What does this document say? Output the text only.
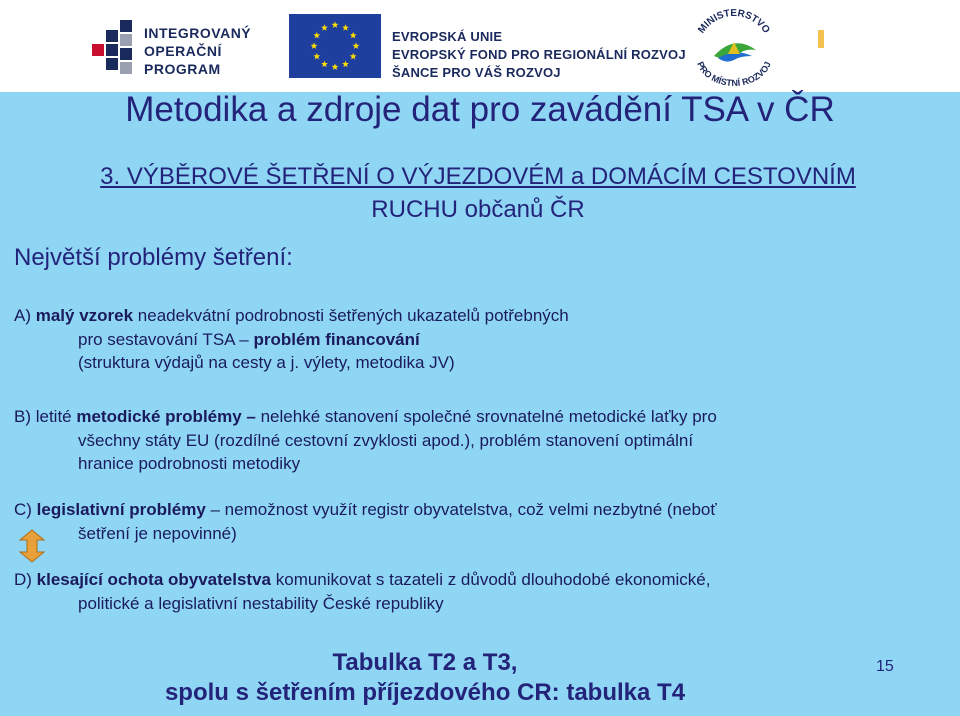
INTEGROVANÝ
OPERAČNÍ
PROGRAM
EVROPSKÁ UNIE
EVROPSKÝ FOND PRO REGIONÁLNÍ ROZVOJ
ŠANCE PRO VÁŠ ROZVOJ
MINISTERSTVO
PRO MÍSTNÍ ROZVOJ
Metodika a zdroje dat pro zavádění TSA v ČR
3. VÝBĚROVÉ ŠETŘENÍ O VÝJEZDOVÉM a DOMÁCÍM CESTOVNÍM
RUCHU občanů ČR
Největší problémy šetření:
A) malý vzorek neadekvátní podrobnosti šetřených ukazatelů potřebných
pro sestavování TSA – problém financování
(struktura výdajů na cesty a j. výlety, metodika JV)
B) letité metodické problémy – nelehké stanovení společné srovnatelné metodické laťky pro
všechny státy EU (rozdílné cestovní zvyklosti apod.), problém stanovení optimální
hranice podrobnosti metodiky
C) legislativní problémy – nemožnost využít registr obyvatelstva, což velmi nezbytné (neboť
šetření je nepovinné)
D) klesající ochota obyvatelstva komunikovat s tazateli z důvodů dlouhodobé ekonomické,
politické a legislativní nestability České republiky
Tabulka T2 a T3,
spolu s šetřením příjezdového CR: tabulka T4
15
